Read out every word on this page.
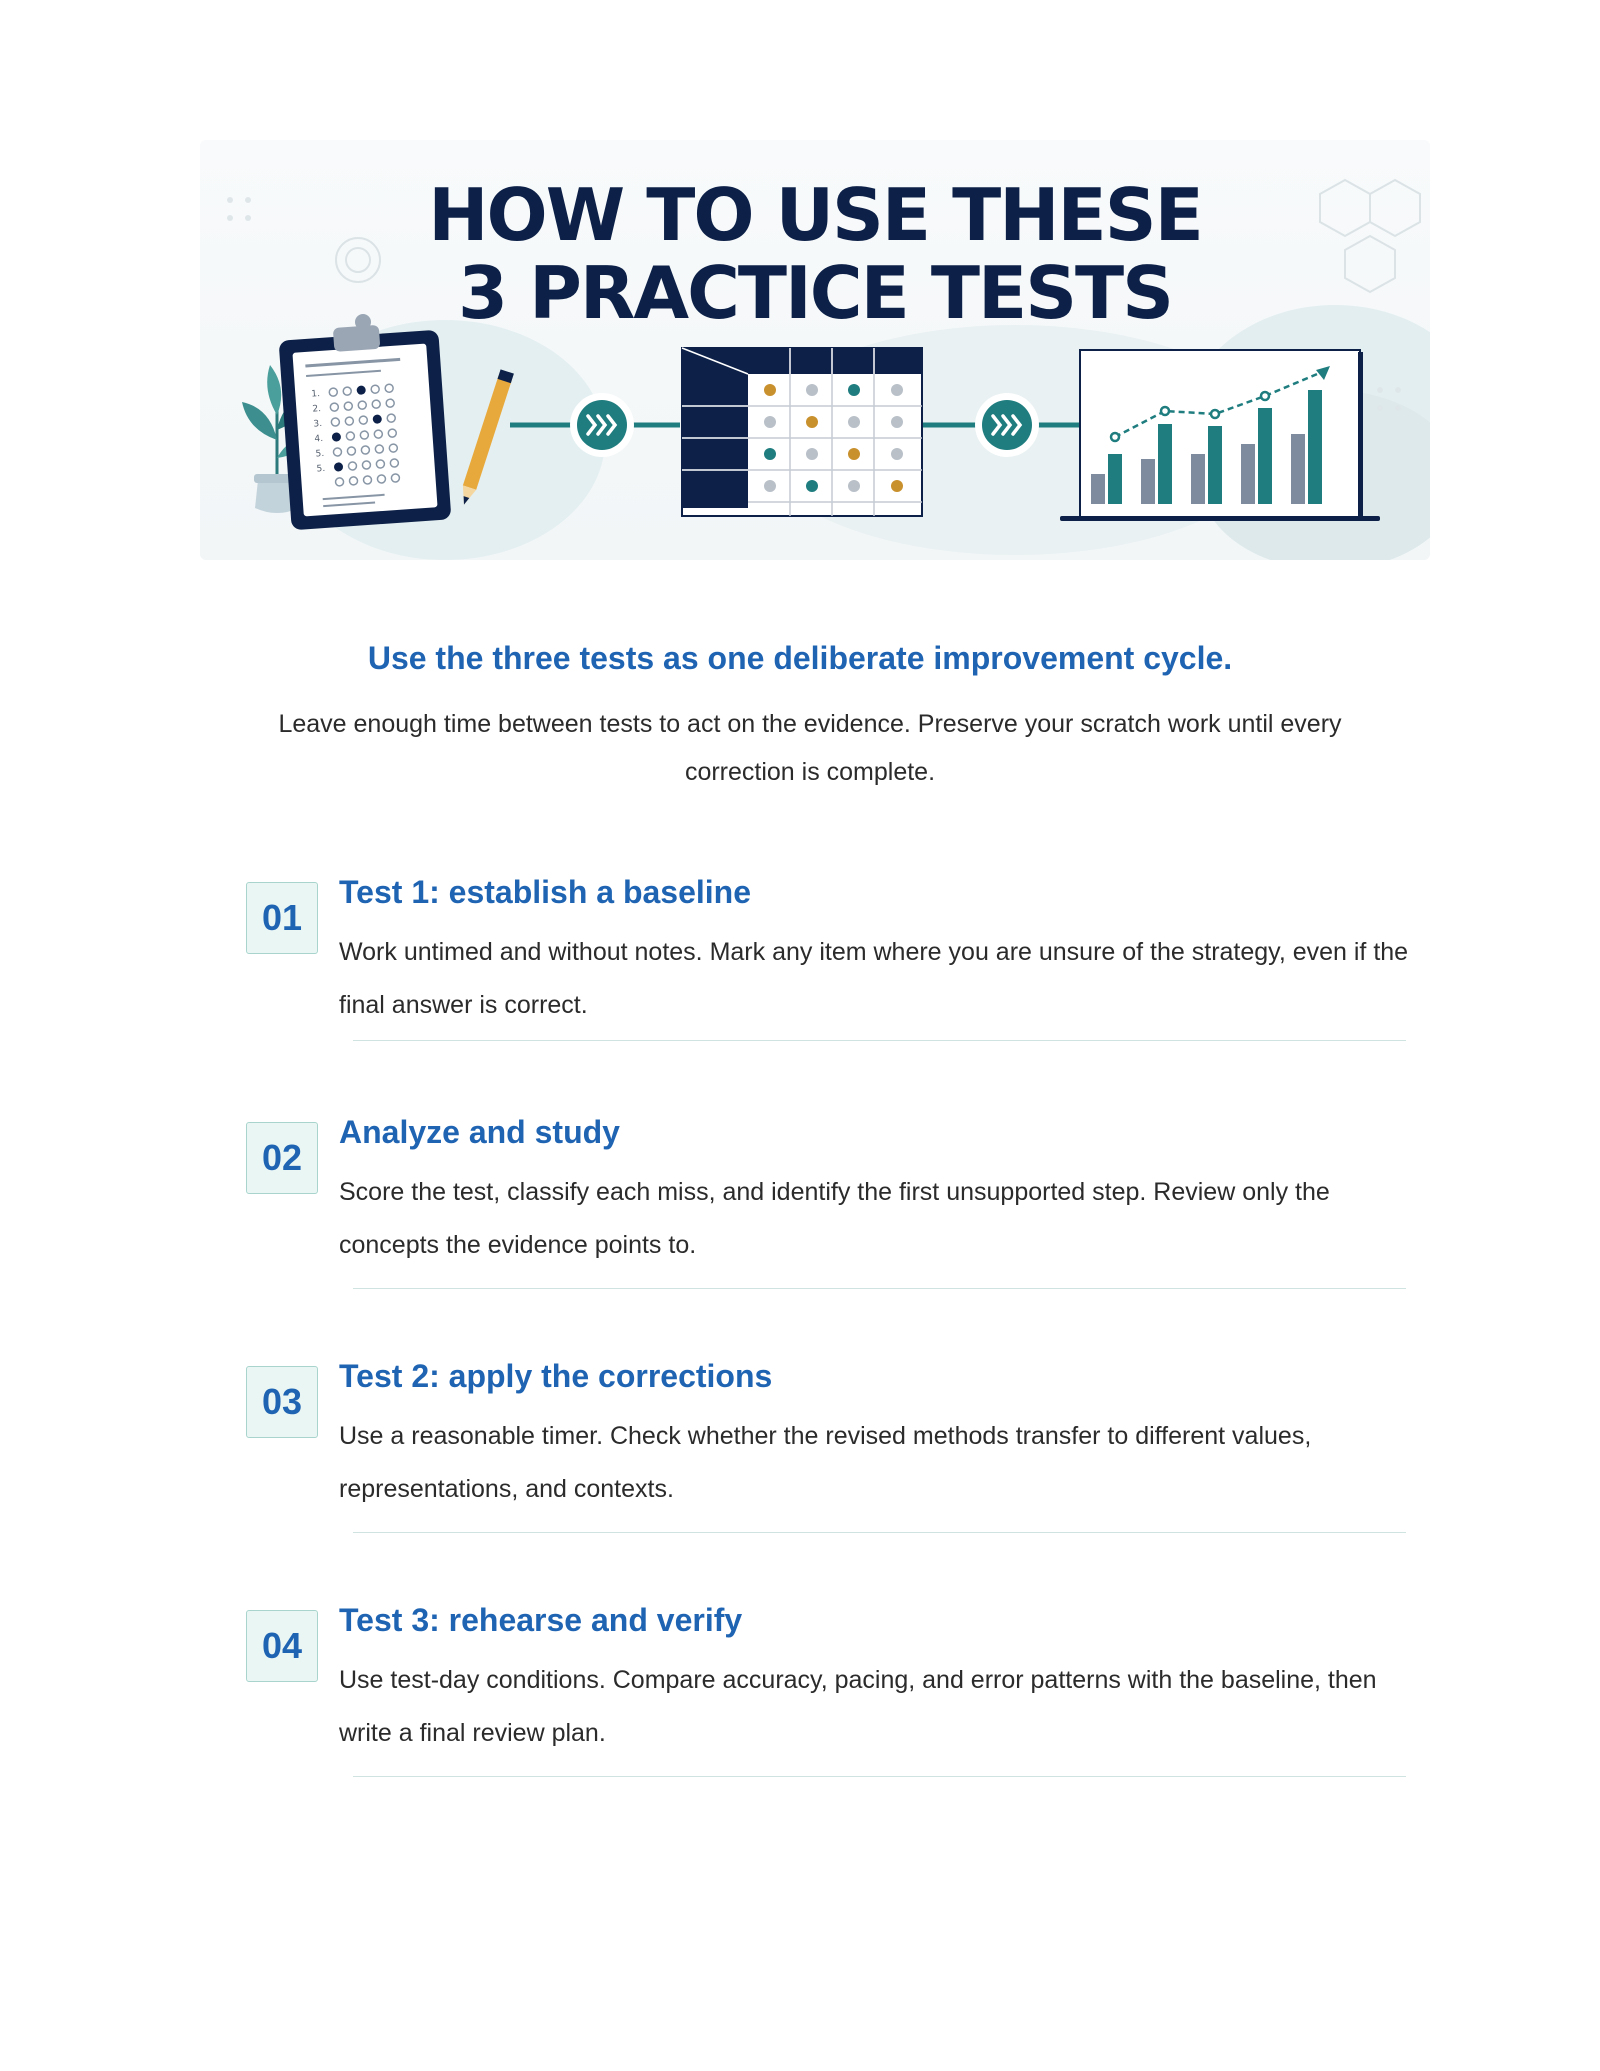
1.
2.
3.
4.
5.
5.
HOW TO USE THESE
3 PRACTICE TESTS
Use the three tests as one deliberate improvement cycle.

Leave enough time between tests to act on the evidence. Preserve your scratch work until every correction is complete.

01
Test 1: establish a baseline

Work untimed and without notes. Mark any item where you are unsure of the strategy, even if the final answer is correct.

02
Analyze and study

Score the test, classify each miss, and identify the first unsupported step. Review only the concepts the evidence points to.

03
Test 2: apply the corrections

Use a reasonable timer. Check whether the revised methods transfer to different values, representations, and contexts.

04
Test 3: rehearse and verify

Use test-day conditions. Compare accuracy, pacing, and error patterns with the baseline, then write a final review plan.
